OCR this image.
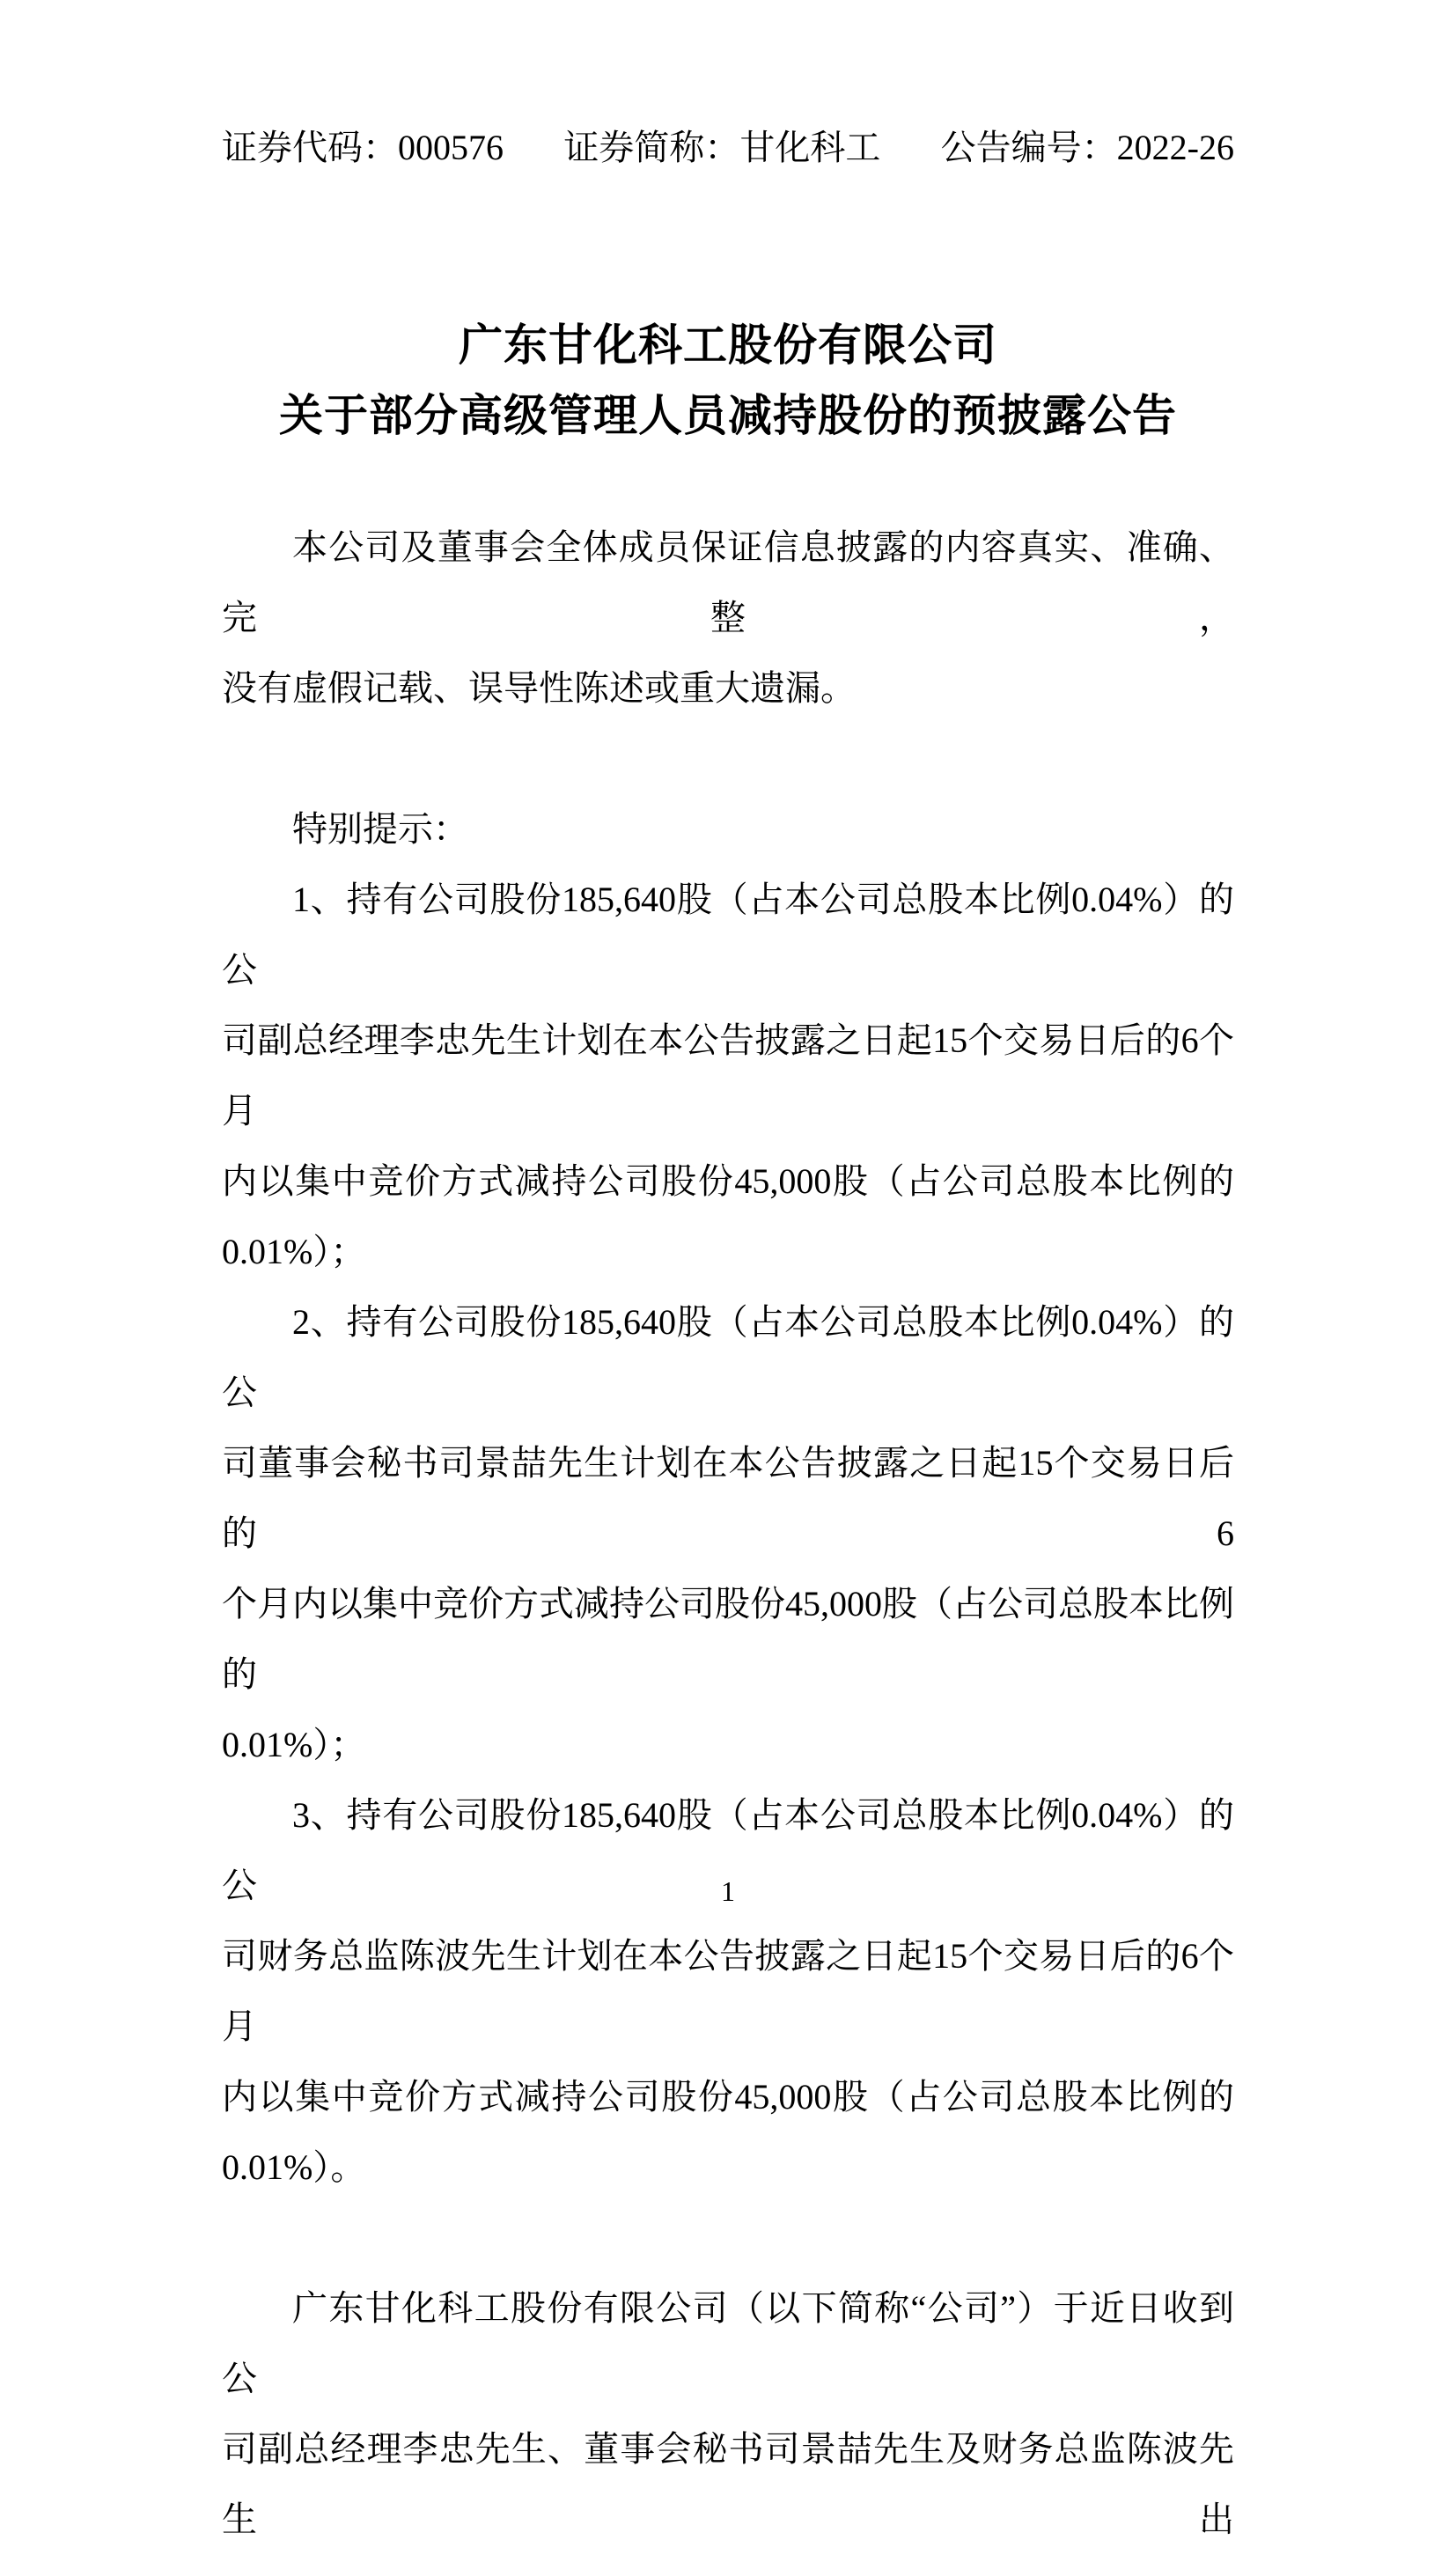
证券代码：000576 证券简称：甘化科工 公告编号：2022-26
广东甘化科工股份有限公司
关于部分高级管理人员减持股份的预披露公告
本公司及董事会全体成员保证信息披露的内容真实、准确、完整，
没有虚假记载、误导性陈述或重大遗漏。
特别提示：
1、持有公司股份185,640股（占本公司总股本比例0.04%）的公
司副总经理李忠先生计划在本公告披露之日起15个交易日后的6个月
内以集中竞价方式减持公司股份45,000股（占公司总股本比例的
0.01%）；
2、持有公司股份185,640股（占本公司总股本比例0.04%）的公
司董事会秘书司景喆先生计划在本公告披露之日起15个交易日后的6
个月内以集中竞价方式减持公司股份45,000股（占公司总股本比例的
0.01%）；
3、持有公司股份185,640股（占本公司总股本比例0.04%）的公
司财务总监陈波先生计划在本公告披露之日起15个交易日后的6个月
内以集中竞价方式减持公司股份45,000股（占公司总股本比例的
0.01%）。
广东甘化科工股份有限公司（以下简称“公司”）于近日收到公
司副总经理李忠先生、董事会秘书司景喆先生及财务总监陈波先生出
1
